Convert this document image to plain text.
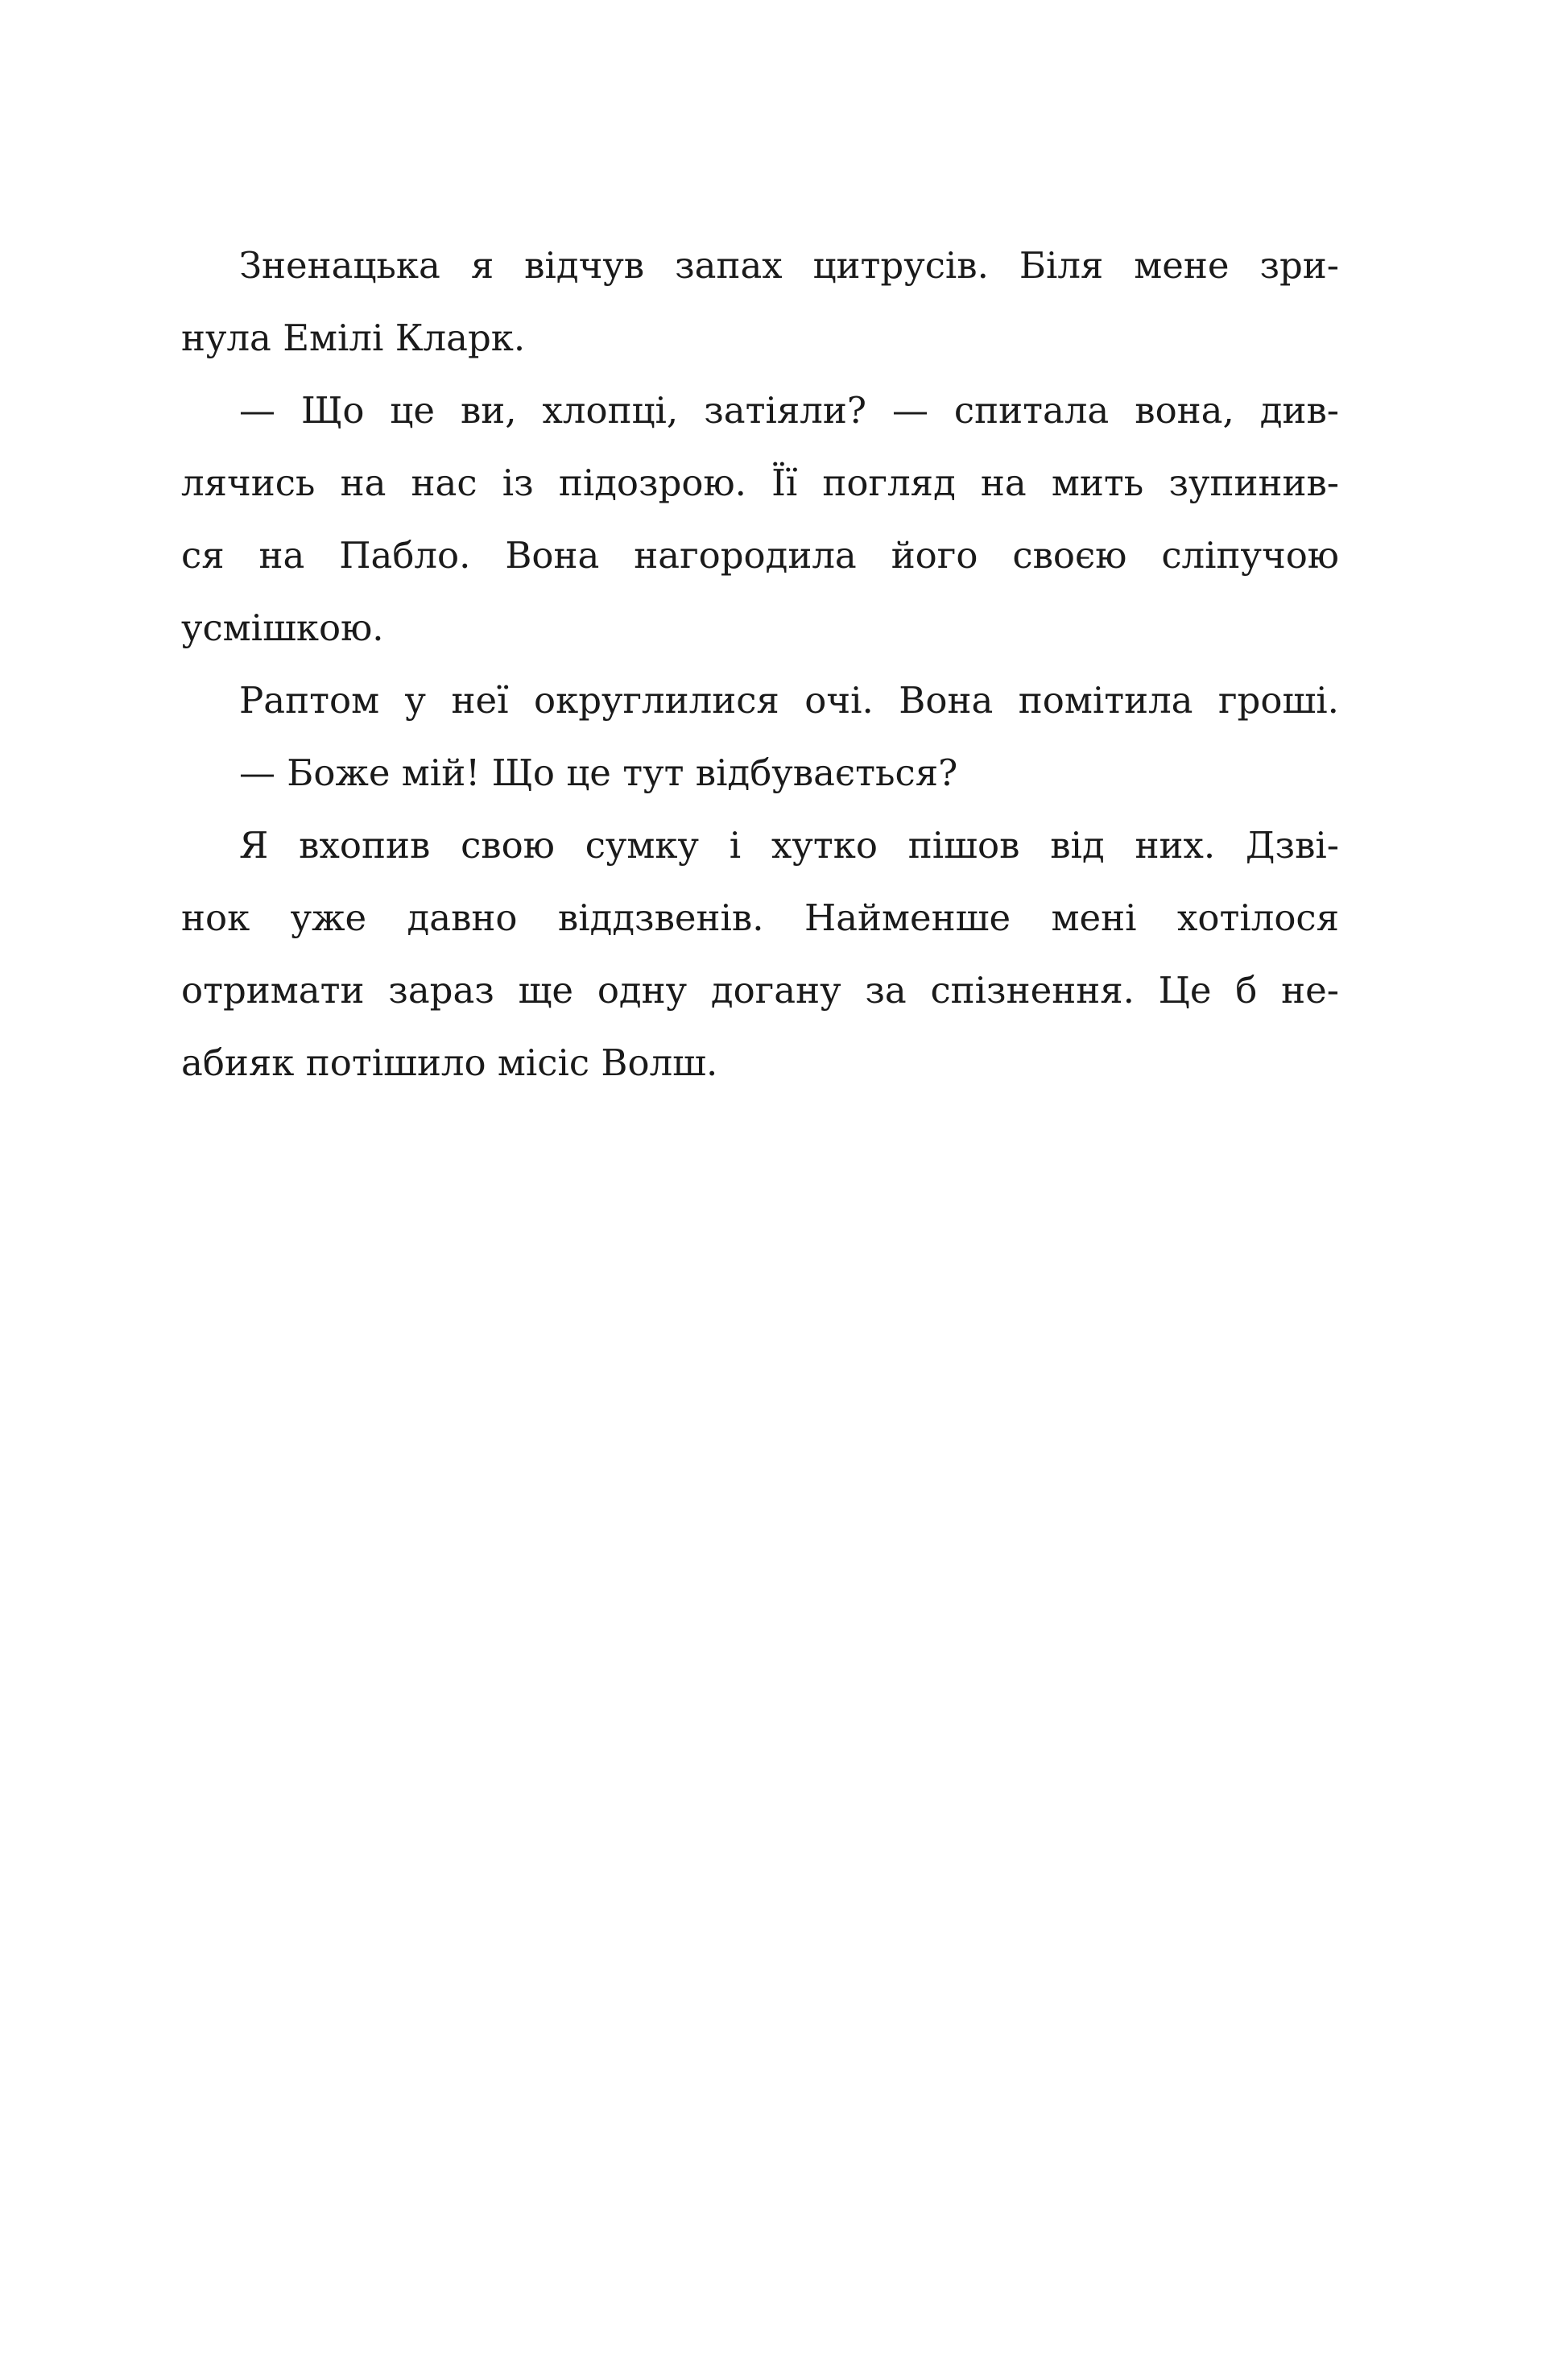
Зненацька я відчув запах цитрусів. Біля мене зри-
нула Емілі Кларк.
— Що це ви, хлопці, затіяли? — спитала вона, див-
лячись на нас із підозрою. Її погляд на мить зупинив-
ся на Пабло. Вона нагородила його своєю сліпучою
усмішкою.
Раптом у неї округлилися очі. Вона помітила гроші.
— Боже мій! Що це тут відбувається?
Я вхопив свою сумку і хутко пішов від них. Дзві-
нок уже давно віддзвенів. Найменше мені хотілося
отримати зараз ще одну догану за спізнення. Це б не-
абияк потішило місіс Волш.
